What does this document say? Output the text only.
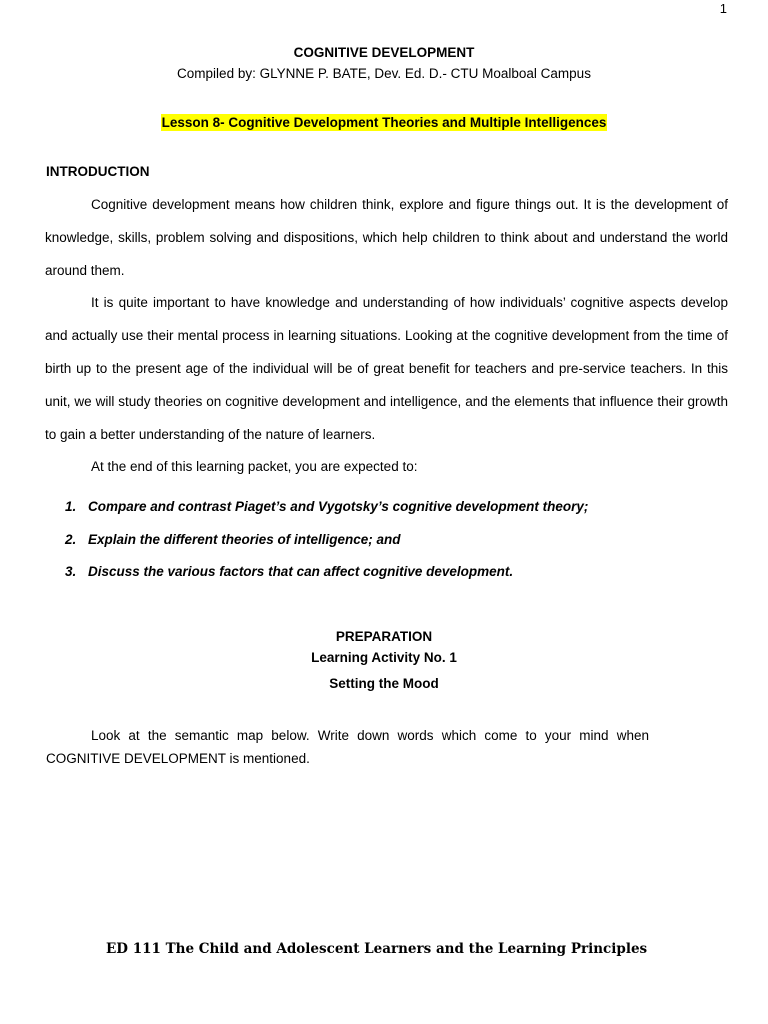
1
COGNITIVE DEVELOPMENT
Compiled by: GLYNNE P. BATE, Dev. Ed. D.- CTU Moalboal Campus
Lesson 8- Cognitive Development Theories and Multiple Intelligences
INTRODUCTION
Cognitive development means how children think, explore and figure things out. It is the development of knowledge, skills, problem solving and dispositions, which help children to think about and understand the world around them.
It is quite important to have knowledge and understanding of how individuals’ cognitive aspects develop and actually use their mental process in learning situations. Looking at the cognitive development from the time of birth up to the present age of the individual will be of great benefit for teachers and pre-service teachers. In this unit, we will study theories on cognitive development and intelligence, and the elements that influence their growth to gain a better understanding of the nature of learners.
At the end of this learning packet, you are expected to:
1. Compare and contrast Piaget’s and Vygotsky’s cognitive development theory;
2. Explain the different theories of intelligence; and
3. Discuss the various factors that can affect cognitive development.
PREPARATION
Learning Activity No. 1
Setting the Mood
Look at the semantic map below. Write down words which come to your mind when COGNITIVE DEVELOPMENT is mentioned.
ED 111 The Child and Adolescent Learners and the Learning Principles
